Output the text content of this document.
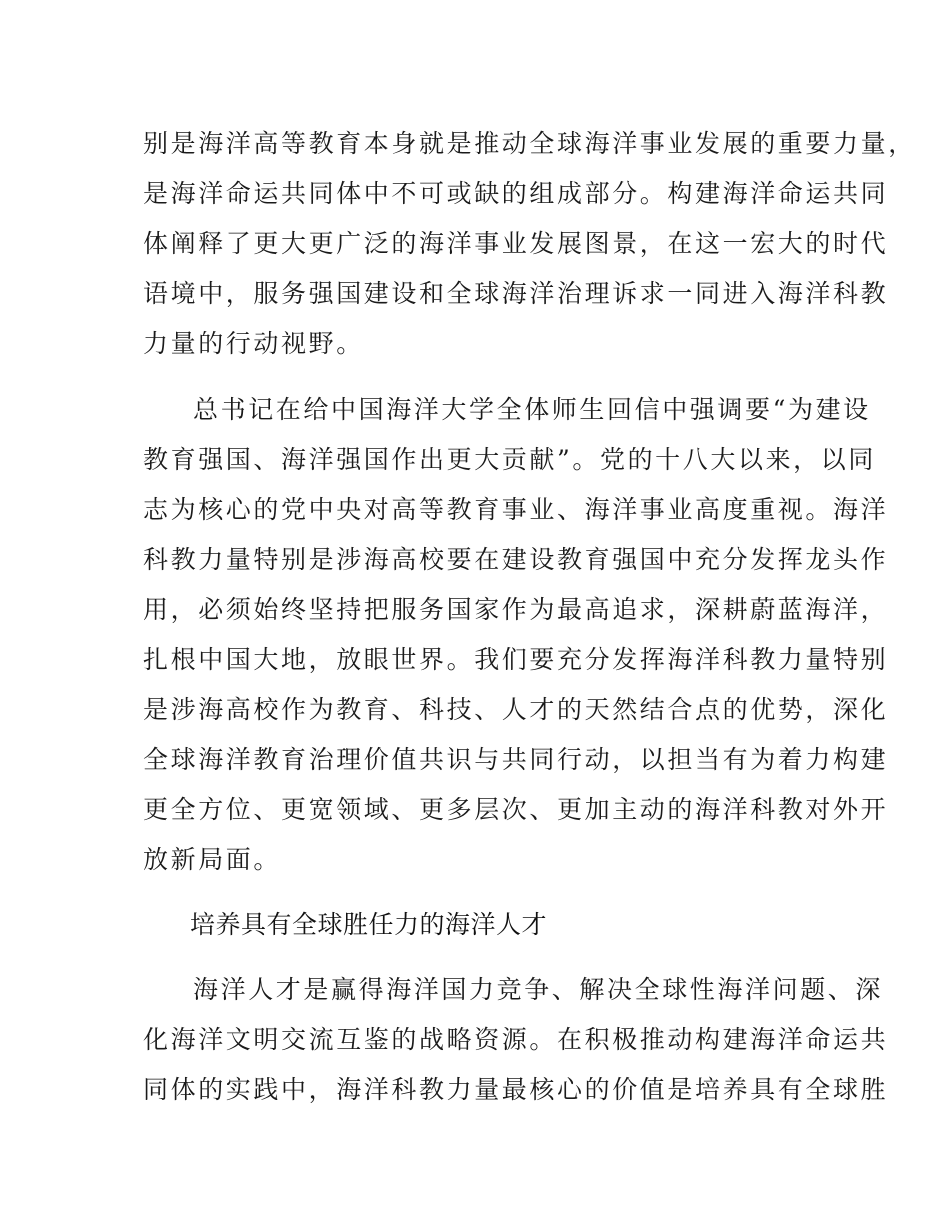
别是海洋高等教育本身就是推动全球海洋事业发展的重要力量，
是海洋命运共同体中不可或缺的组成部分。构建海洋命运共同
体阐释了更大更广泛的海洋事业发展图景，在这一宏大的时代
语境中，服务强国建设和全球海洋治理诉求一同进入海洋科教
力量的行动视野。
总书记在给中国海洋大学全体师生回信中强调要“为建设
教育强国、海洋强国作出更大贡献”。党的十八大以来，以同
志为核心的党中央对高等教育事业、海洋事业高度重视。海洋
科教力量特别是涉海高校要在建设教育强国中充分发挥龙头作
用，必须始终坚持把服务国家作为最高追求，深耕蔚蓝海洋，
扎根中国大地，放眼世界。我们要充分发挥海洋科教力量特别
是涉海高校作为教育、科技、人才的天然结合点的优势，深化
全球海洋教育治理价值共识与共同行动，以担当有为着力构建
更全方位、更宽领域、更多层次、更加主动的海洋科教对外开
放新局面。
培养具有全球胜任力的海洋人才
海洋人才是赢得海洋国力竞争、解决全球性海洋问题、深
化海洋文明交流互鉴的战略资源。在积极推动构建海洋命运共
同体的实践中，海洋科教力量最核心的价值是培养具有全球胜
